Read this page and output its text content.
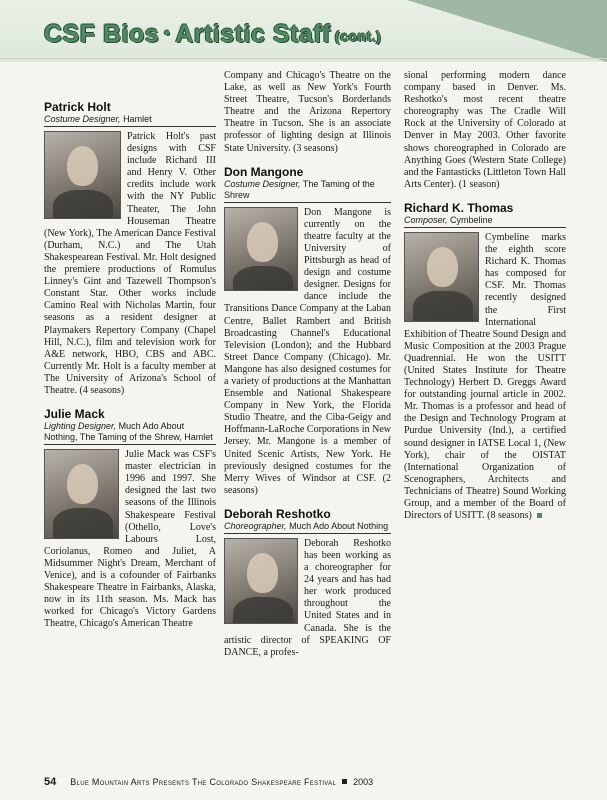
CSF Bios • Artistic Staff (cont.)
Patrick Holt
Costume Designer, Hamlet
Patrick Holt's past designs with CSF include Richard III and Henry V. Other credits include work with the NY Public Theater, The John Houseman Theatre (New York), The American Dance Festival (Durham, N.C.) and The Utah Shakespearean Festival. Mr. Holt designed the premiere productions of Romulus Linney's Gint and Tazewell Thompson's Constant Star. Other works include Camino Real with Nicholas Martin, four seasons as a resident designer at Playmakers Repertory Company (Chapel Hill, N.C.), film and television work for A&E network, HBO, CBS and ABC. Currently Mr. Holt is a faculty member at The University of Arizona's School of Theatre. (4 seasons)
Julie Mack
Lighting Designer, Much Ado About Nothing, The Taming of the Shrew, Hamlet
Julie Mack was CSF's master electrician in 1996 and 1997. She designed the last two seasons of the Illinois Shakespeare Festival (Othello, Love's Labours Lost, Coriolanus, Romeo and Juliet, A Midsummer Night's Dream, Merchant of Venice), and is a cofounder of Fairbanks Shakespeare Theatre in Fairbanks, Alaska, now in its 11th season. Ms. Mack has worked for Chicago's Victory Gardens Theatre, Chicago's American Theatre
Company and Chicago's Theatre on the Lake, as well as New York's Fourth Street Theatre, Tucson's Borderlands Theatre and the Arizona Repertory Theatre in Tucson. She is an associate professor of lighting design at Illinois State University. (3 seasons)
Don Mangone
Costume Designer, The Taming of the Shrew
Don Mangone is currently on the theatre faculty at the University of Pittsburgh as head of design and costume designer. Designs for dance include the Transitions Dance Company at the Laban Centre, Ballet Rambert and British Broadcasting Channel's Educational Television (London); and the Hubbard Street Dance Company (Chicago). Mr. Mangone has also designed costumes for a variety of productions at the Manhattan Ensemble and National Shakespeare Company in New York, the Florida Studio Theatre, and the Ciba-Geigy and Hoffmann-LaRoche Corporations in New Jersey. Mr. Mangone is a member of United Scenic Artists, New York. He previously designed costumes for the Merry Wives of Windsor at CSF. (2 seasons)
Deborah Reshotko
Choreographer, Much Ado About Nothing
Deborah Reshotko has been working as a choreographer for 24 years and has had her work produced throughout the United States and in Canada. She is the artistic director of SPEAKING OF DANCE, a profes-
sional performing modern dance company based in Denver. Ms. Reshotko's most recent theatre choreography was The Cradle Will Rock at the University of Colorado at Denver in May 2003. Other favorite shows choreographed in Colorado are Anything Goes (Western State College) and the Fantasticks (Littleton Town Hall Arts Center). (1 season)
Richard K. Thomas
Composer, Cymbeline
Cymbeline marks the eighth score Richard K. Thomas has composed for CSF. Mr. Thomas recently designed the First International Exhibition of Theatre Sound Design and Music Composition at the 2003 Prague Quadrennial. He won the USITT (United States Institute for Theatre Technology) Herbert D. Greggs Award for outstanding journal article in 2002. Mr. Thomas is a professor and head of the Design and Technology Program at Purdue University (Ind.), a certified sound designer in IATSE Local 1, (New York), chair of the OISTAT (International Organization of Scenographers, Architects and Technicians of Theatre) Sound Working Group, and a member of the Board of Directors of USITT. (8 seasons)
54 Blue Mountain Arts Presents The Colorado Shakespeare Festival 2003
